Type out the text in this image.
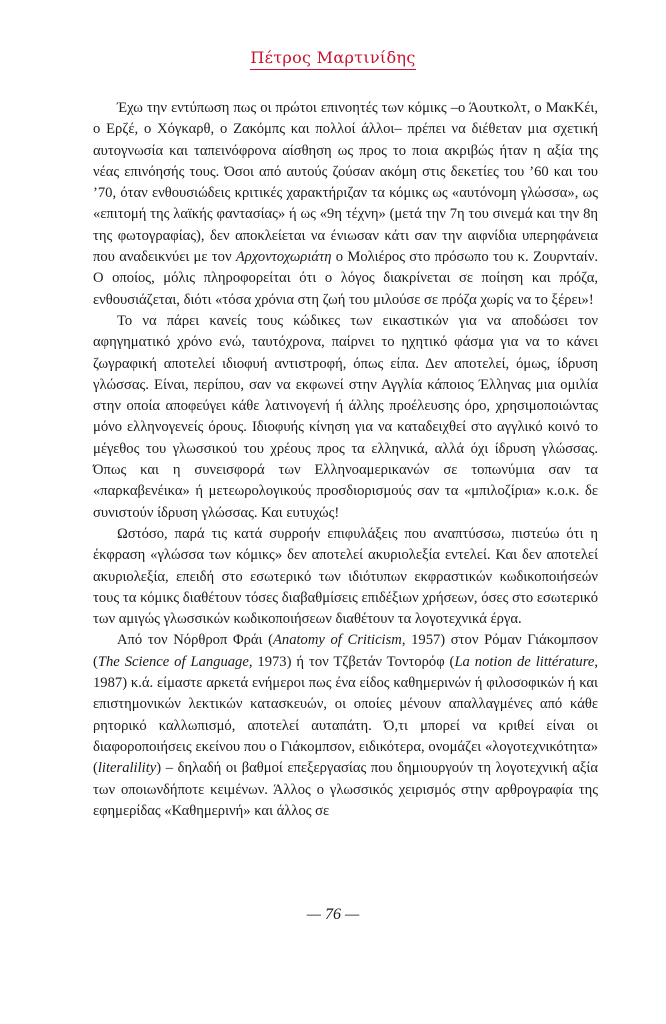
Πέτρος Μαρτινίδης

Έχω την εντύπωση πως οι πρώτοι επινοητές των κόμικς –ο Άουτκολτ, ο ΜακΚέι, ο Ερζέ, ο Χόγκαρθ, ο Ζακόμπς και πολλοί άλλοι– πρέπει να διέθεταν μια σχετική αυτογνωσία και ταπεινόφρονα αίσθηση ως προς το ποια ακριβώς ήταν η αξία της νέας επινόησής τους. Όσοι από αυτούς ζούσαν ακόμη στις δεκετίες του ’60 και του ’70, όταν ενθουσιώδεις κριτικές χαρακτήριζαν τα κόμικς ως «αυτόνομη γλώσσα», ως «επιτομή της λαϊκής φαντασίας» ή ως «9η τέχνη» (μετά την 7η του σινεμά και την 8η της φωτογραφίας), δεν αποκλείεται να ένιωσαν κάτι σαν την αιφνίδια υπερηφάνεια που αναδεικνύει με τον Αρχοντοχωριάτη ο Μολιέρος στο πρόσωπο του κ. Ζουρνταίν. Ο οποίος, μόλις πληροφορείται ότι ο λόγος διακρίνεται σε ποίηση και πρόζα, ενθουσιάζεται, διότι «τόσα χρόνια στη ζωή του μιλούσε σε πρόζα χωρίς να το ξέρει»!

Το να πάρει κανείς τους κώδικες των εικαστικών για να αποδώσει τον αφηγηματικό χρόνο ενώ, ταυτόχρονα, παίρνει το ηχητικό φάσμα για να το κάνει ζωγραφική αποτελεί ιδιοφυή αντιστροφή, όπως είπα. Δεν αποτελεί, όμως, ίδρυση γλώσσας. Είναι, περίπου, σαν να εκφωνεί στην Αγγλία κάποιος Έλληνας μια ομιλία στην οποία αποφεύγει κάθε λατινογενή ή άλλης προέλευσης όρο, χρησιμοποιώντας μόνο ελληνογενείς όρους. Ιδιοφυής κίνηση για να καταδειχθεί στο αγγλικό κοινό το μέγεθος του γλωσσικού του χρέους προς τα ελληνικά, αλλά όχι ίδρυση γλώσσας. Όπως και η συνεισφορά των Ελληνοαμερικανών σε τοπωνύμια σαν τα «παρκαβενέικα» ή μετεωρολογικούς προσδιορισμούς σαν τα «μπιλοζίρια» κ.ο.κ. δε συνιστούν ίδρυση γλώσσας. Και ευτυχώς!

Ωστόσο, παρά τις κατά συρροήν επιφυλάξεις που αναπτύσσω, πιστεύω ότι η έκφραση «γλώσσα των κόμικς» δεν αποτελεί ακυριολεξία εντελεί. Και δεν αποτελεί ακυριολεξία, επειδή στο εσωτερικό των ιδιότυπων εκφραστικών κωδικοποιήσεών τους τα κόμικς διαθέτουν τόσες διαβαθμίσεις επιδέξιων χρήσεων, όσες στο εσωτερικό των αμιγώς γλωσσικών κωδικοποιήσεων διαθέτουν τα λογοτεχνικά έργα.

Από τον Νόρθροπ Φράι (Anatomy of Criticism, 1957) στον Ρόμαν Γιάκομπσον (The Science of Language, 1973) ή τον Τζβετάν Τοντορόφ (La notion de littérature, 1987) κ.ά. είμαστε αρκετά ενήμεροι πως ένα είδος καθημερινών ή φιλοσοφικών ή και επιστημονικών λεκτικών κατασκευών, οι οποίες μένουν απαλλαγμένες από κάθε ρητορικό καλλωπισμό, αποτελεί αυταπάτη. Ό,τι μπορεί να κριθεί είναι οι διαφοροποιήσεις εκείνου που ο Γιάκομπσον, ειδικότερα, ονομάζει «λογοτεχνικότητα» (literalility) – δηλαδή οι βαθμοί επεξεργασίας που δημιουργούν τη λογοτεχνική αξία των οποιωνδήποτε κειμένων. Άλλος ο γλωσσικός χειρισμός στην αρθρογραφία της εφημερίδας «Καθημερινή» και άλλος σε

— 76 —
